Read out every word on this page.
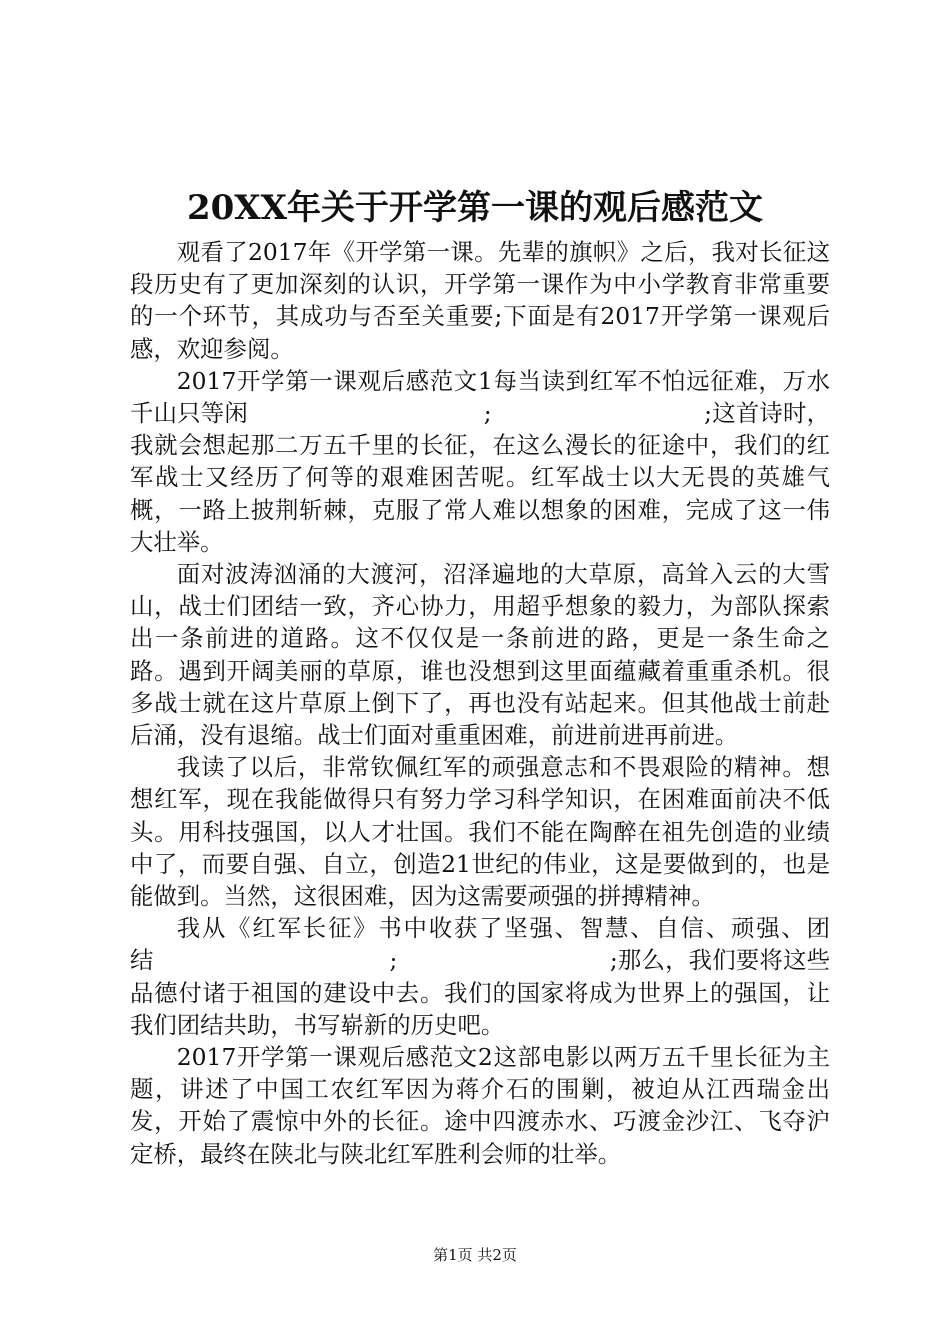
20XX年关于开学第一课的观后感范文

观看了2017年《开学第一课。先辈的旗帜》之后，我对长征这段历史有了更加深刻的认识，开学第一课作为中小学教育非常重要的一个环节，其成功与否至关重要;下面是有2017开学第一课观后感，欢迎参阅。

2017开学第一课观后感范文1每当读到红军不怕远征难，万水千山只等闲　　　　　　　　　　;　　　　　　　　　;这首诗时，我就会想起那二万五千里的长征，在这么漫长的征途中，我们的红军战士又经历了何等的艰难困苦呢。红军战士以大无畏的英雄气概，一路上披荆斩棘，克服了常人难以想象的困难，完成了这一伟大壮举。

面对波涛汹涌的大渡河，沼泽遍地的大草原，高耸入云的大雪山，战士们团结一致，齐心协力，用超乎想象的毅力，为部队探索出一条前进的道路。这不仅仅是一条前进的路，更是一条生命之路。遇到开阔美丽的草原，谁也没想到这里面蕴藏着重重杀机。很多战士就在这片草原上倒下了，再也没有站起来。但其他战士前赴后涌，没有退缩。战士们面对重重困难，前进前进再前进。

我读了以后，非常钦佩红军的顽强意志和不畏艰险的精神。想想红军，现在我能做得只有努力学习科学知识，在困难面前决不低头。用科技强国，以人才壮国。我们不能在陶醉在祖先创造的业绩中了，而要自强、自立，创造21世纪的伟业，这是要做到的，也是能做到。当然，这很困难，因为这需要顽强的拼搏精神。

我从《红军长征》书中收获了坚强、智慧、自信、顽强、团结　　　　　　　　　　;　　　　　　　　　;那么，我们要将这些品德付诸于祖国的建设中去。我们的国家将成为世界上的强国，让我们团结共助，书写崭新的历史吧。

2017开学第一课观后感范文2这部电影以两万五千里长征为主题，讲述了中国工农红军因为蒋介石的围剿，被迫从江西瑞金出发，开始了震惊中外的长征。途中四渡赤水、巧渡金沙江、飞夺沪定桥，最终在陕北与陕北红军胜利会师的壮举。

第1页 共2页
